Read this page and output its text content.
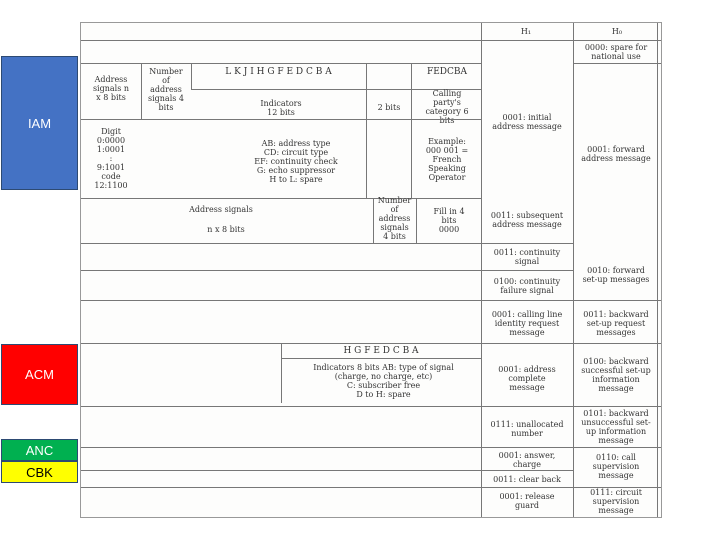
H₁	H₀
0000: spare for
national use
Address
signals n
x 8 bits
Number
of
address
signals 4
bits
L K J I H G F E D C B A	FEDCBA
Indicators
12 bits
2 bits
Calling
party's
category 6
bits
Digit
0:0000
1:0001
:
9:1001
code
12:1100
AB: address type
CD: circuit type
EF: continuity check
G: echo suppressor
H to L: spare
Example:
000 001 =
French
Speaking
Operator
0001: initial
address message
0001: forward
address message
Address signals
n x 8 bits
Number
of
address
signals
4 bits
Fill in 4
bits
0000
0011: subsequent
address message
0011: continuity
signal
0010: forward
set-up messages
0100: continuity
failure signal
0001: calling line
identity request
message
0011: backward
set-up request
messages
H G F E D C B A
Indicators 8 bits AB: type of signal
(charge, no charge, etc)
C: subscriber free
D to H: spare
0001: address
complete
message
0100: backward
successful set-up
information
message
0111: unallocated
number
0101: backward
unsuccessful set-
up information
message
0001: answer,
charge
0110: call
supervision
message
0011: clear back
0001: release
guard
0111: circuit
supervision
message
IAM
ACM
ANC
CBK
